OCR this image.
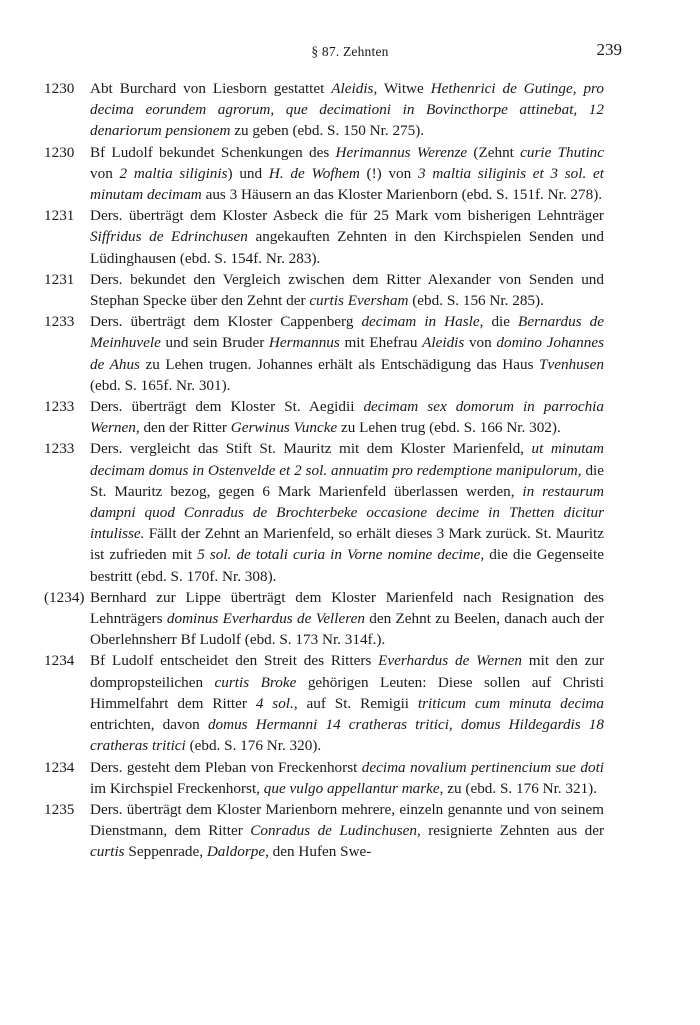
§ 87. Zehnten	239
1230	Abt Burchard von Liesborn gestattet Aleidis, Witwe Hethenrici de Gutinge, pro decima eorundem agrorum, que decimationi in Bovincthorpe attinebat, 12 denariorum pensionem zu geben (ebd. S. 150 Nr. 275).
1230	Bf Ludolf bekundet Schenkungen des Herimannus Werenze (Zehnt curie Thutinc von 2 maltia siliginis) und H. de Wofhem (!) von 3 maltia siliginis et 3 sol. et minutam decimam aus 3 Häusern an das Kloster Marienborn (ebd. S. 151f. Nr. 278).
1231	Ders. überträgt dem Kloster Asbeck die für 25 Mark vom bisherigen Lehnträger Siffridus de Edrinchusen angekauften Zehnten in den Kirchspielen Senden und Lüdinghausen (ebd. S. 154f. Nr. 283).
1231	Ders. bekundet den Vergleich zwischen dem Ritter Alexander von Senden und Stephan Specke über den Zehnt der curtis Eversham (ebd. S. 156 Nr. 285).
1233	Ders. überträgt dem Kloster Cappenberg decimam in Hasle, die Bernardus de Meinhuvele und sein Bruder Hermannus mit Ehefrau Aleidis von domino Johannes de Ahus zu Lehen trugen. Johannes erhält als Entschädigung das Haus Tvenhusen (ebd. S. 165f. Nr. 301).
1233	Ders. überträgt dem Kloster St. Aegidii decimam sex domorum in parrochia Wernen, den der Ritter Gerwinus Vuncke zu Lehen trug (ebd. S. 166 Nr. 302).
1233	Ders. vergleicht das Stift St. Mauritz mit dem Kloster Marienfeld, ut minutam decimam domus in Ostenvelde et 2 sol. annuatim pro redemptione manipulorum, die St. Mauritz bezog, gegen 6 Mark Marienfeld überlassen werden, in restaurum dampni quod Conradus de Brochterbeke occasione decime in Thetten dicitur intulisse. Fällt der Zehnt an Marienfeld, so erhält dieses 3 Mark zurück. St. Mauritz ist zufrieden mit 5 sol. de totali curia in Vorne nomine decime, die die Gegenseite bestritt (ebd. S. 170f. Nr. 308).
(1234) Bernhard zur Lippe überträgt dem Kloster Marienfeld nach Resignation des Lehnträgers dominus Everhardus de Velleren den Zehnt zu Beelen, danach auch der Oberlehnsherr Bf Ludolf (ebd. S. 173 Nr. 314f.).
1234	Bf Ludolf entscheidet den Streit des Ritters Everhardus de Wernen mit den zur dompropsteilichen curtis Broke gehörigen Leuten: Diese sollen auf Christi Himmelfahrt dem Ritter 4 sol., auf St. Remigii triticum cum minuta decima entrichten, davon domus Hermanni 14 cratheras tritici, domus Hildegardis 18 cratheras tritici (ebd. S. 176 Nr. 320).
1234	Ders. gesteht dem Pleban von Freckenhorst decima novalium pertinencium sue doti im Kirchspiel Freckenhorst, que vulgo appellantur marke, zu (ebd. S. 176 Nr. 321).
1235	Ders. überträgt dem Kloster Marienborn mehrere, einzeln genannte und von seinem Dienstmann, dem Ritter Conradus de Ludinchusen, resignierte Zehnten aus der curtis Seppenrade, Daldorpe, den Hufen Swe-
